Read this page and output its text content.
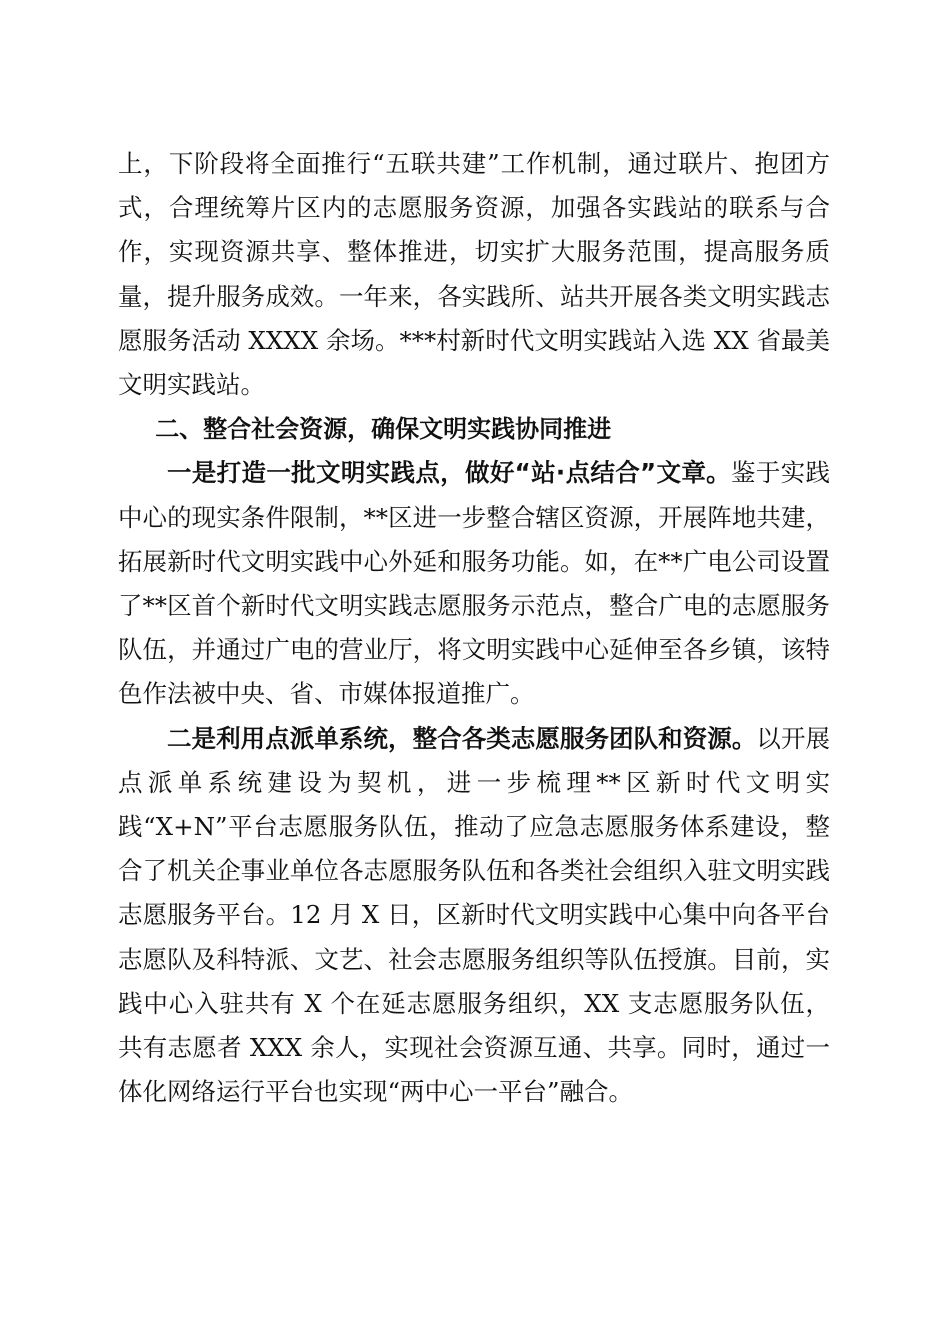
上，下阶段将全面推行“五联共建”工作机制，通过联片、抱团方式，合理统筹片区内的志愿服务资源，加强各实践站的联系与合作，实现资源共享、整体推进，切实扩大服务范围，提高服务质量，提升服务成效。一年来，各实践所、站共开展各类文明实践志愿服务活动 XXXX 余场。***村新时代文明实践站入选 XX 省最美文明实践站。

二、整合社会资源，确保文明实践协同推进

一是打造一批文明实践点，做好“站·点结合”文章。鉴于实践中心的现实条件限制，**区进一步整合辖区资源，开展阵地共建，拓展新时代文明实践中心外延和服务功能。如，在**广电公司设置了**区首个新时代文明实践志愿服务示范点，整合广电的志愿服务队伍，并通过广电的营业厅，将文明实践中心延伸至各乡镇，该特色作法被中央、省、市媒体报道推广。

二是利用点派单系统，整合各类志愿服务团队和资源。以开展点派单系统建设为契机，进一步梳理**区新时代文明实践“X+N”平台志愿服务队伍，推动了应急志愿服务体系建设，整合了机关企事业单位各志愿服务队伍和各类社会组织入驻文明实践志愿服务平台。12 月 X 日，区新时代文明实践中心集中向各平台志愿队及科特派、文艺、社会志愿服务组织等队伍授旗。目前，实践中心入驻共有 X 个在延志愿服务组织，XX 支志愿服务队伍，共有志愿者 XXX 余人，实现社会资源互通、共享。同时，通过一体化网络运行平台也实现“两中心一平台”融合。
